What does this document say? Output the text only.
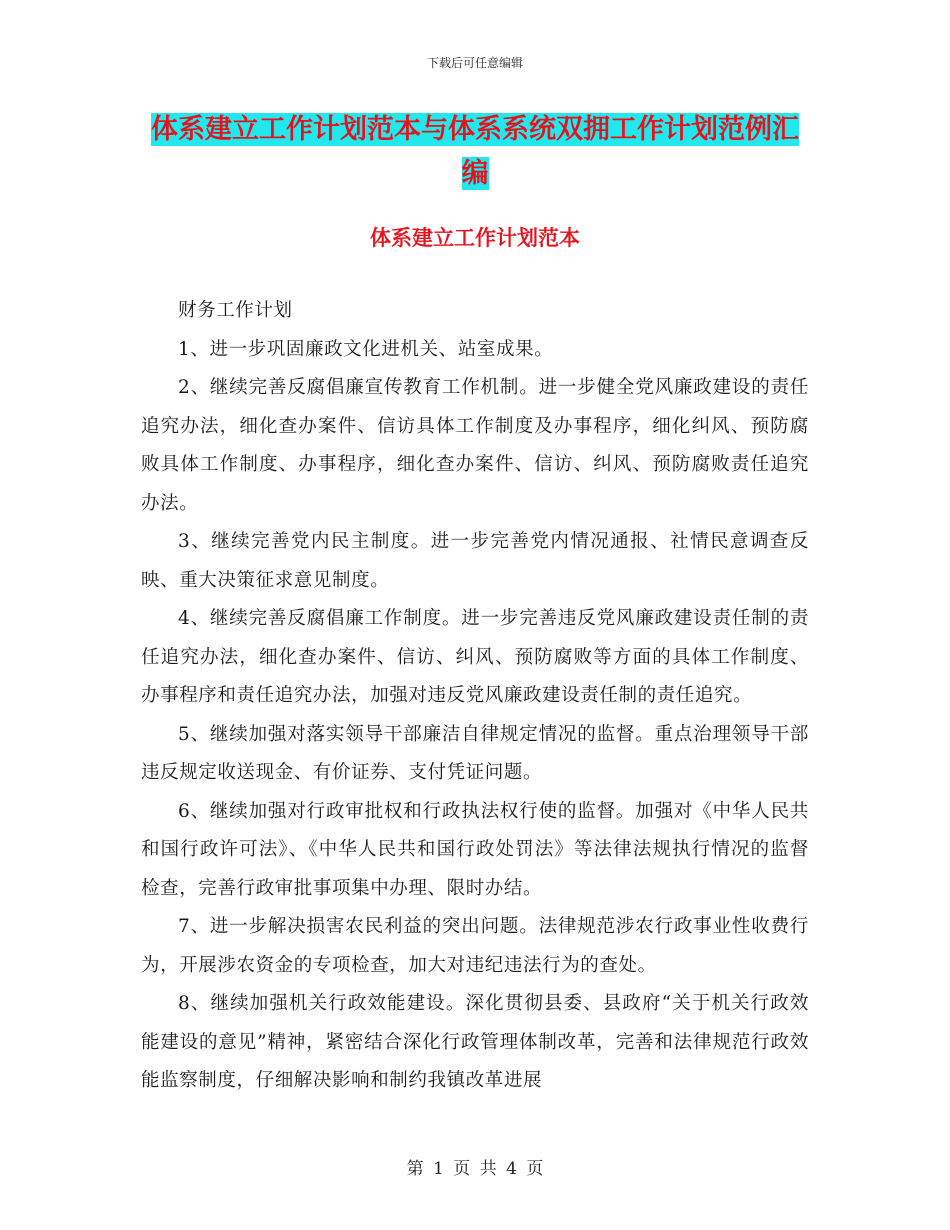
下载后可任意编辑
体系建立工作计划范本与体系系统双拥工作计划范例汇编
体系建立工作计划范本

财务工作计划

1、进一步巩固廉政文化进机关、站室成果。

2、继续完善反腐倡廉宣传教育工作机制。进一步健全党风廉政建设的责任追究办法，细化查办案件、信访具体工作制度及办事程序，细化纠风、预防腐败具体工作制度、办事程序，细化查办案件、信访、纠风、预防腐败责任追究办法。

3、继续完善党内民主制度。进一步完善党内情况通报、社情民意调查反映、重大决策征求意见制度。

4、继续完善反腐倡廉工作制度。进一步完善违反党风廉政建设责任制的责任追究办法，细化查办案件、信访、纠风、预防腐败等方面的具体工作制度、办事程序和责任追究办法，加强对违反党风廉政建设责任制的责任追究。

5、继续加强对落实领导干部廉洁自律规定情况的监督。重点治理领导干部违反规定收送现金、有价证券、支付凭证问题。

6、继续加强对行政审批权和行政执法权行使的监督。加强对《中华人民共和国行政许可法》、《中华人民共和国行政处罚法》等法律法规执行情况的监督检查，完善行政审批事项集中办理、限时办结。

7、进一步解决损害农民利益的突出问题。法律规范涉农行政事业性收费行为，开展涉农资金的专项检查，加大对违纪违法行为的查处。

8、继续加强机关行政效能建设。深化贯彻县委、县政府“关于机关行政效能建设的意见”精神，紧密结合深化行政管理体制改革，完善和法律规范行政效能监察制度，仔细解决影响和制约我镇改革进展

第 1 页 共 4 页
